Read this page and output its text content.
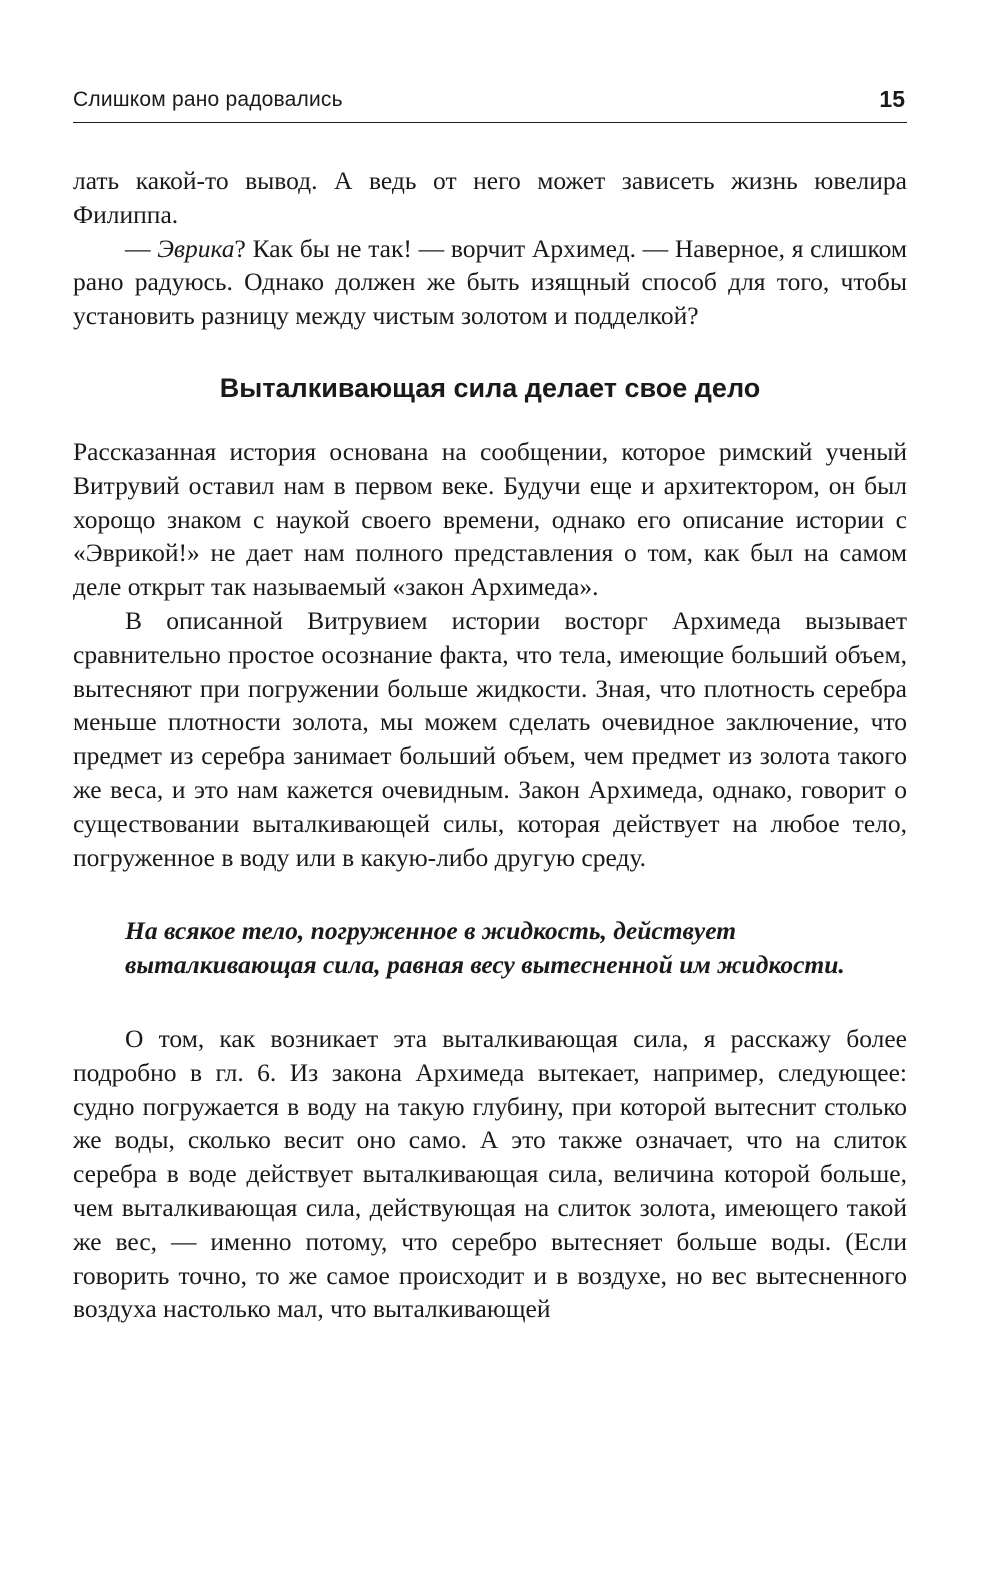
Слишком рано радовались	15

лать какой-то вывод. А ведь от него может зависеть жизнь ювелира Филиппа.

— Эврика? Как бы не так! — ворчит Архимед. — Наверное, я слишком рано радуюсь. Однако должен же быть изящный способ для того, чтобы установить разницу между чистым золотом и подделкой?

Выталкивающая сила делает свое дело

Рассказанная история основана на сообщении, которое римский ученый Витрувий оставил нам в первом веке. Будучи еще и архитектором, он был хорощо знаком с наукой своего времени, однако его описание истории с «Эврикой!» не дает нам полного представления о том, как был на самом деле открыт так называемый «закон Архимеда».

В описанной Витрувием истории восторг Архимеда вызывает сравнительно простое осознание факта, что тела, имеющие больший объем, вытесняют при погружении больше жидкости. Зная, что плотность серебра меньше плотности золота, мы можем сделать очевидное заключение, что предмет из серебра занимает больший объем, чем предмет из золота такого же веса, и это нам кажется очевидным. Закон Архимеда, однако, говорит о существовании выталкивающей силы, которая действует на любое тело, погруженное в воду или в какую-либо другую среду.

На всякое тело, погруженное в жидкость, действует выталкивающая сила, равная весу вытесненной им жидкости.

О том, как возникает эта выталкивающая сила, я расскажу более подробно в гл. 6. Из закона Архимеда вытекает, например, следующее: судно погружается в воду на такую глубину, при которой вытеснит столько же воды, сколько весит оно само. А это также означает, что на слиток серебра в воде действует выталкивающая сила, величина которой больше, чем выталкивающая сила, действующая на слиток золота, имеющего такой же вес, — именно потому, что серебро вытесняет больше воды. (Если говорить точно, то же самое происходит и в воздухе, но вес вытесненного воздуха настолько мал, что выталкивающей
